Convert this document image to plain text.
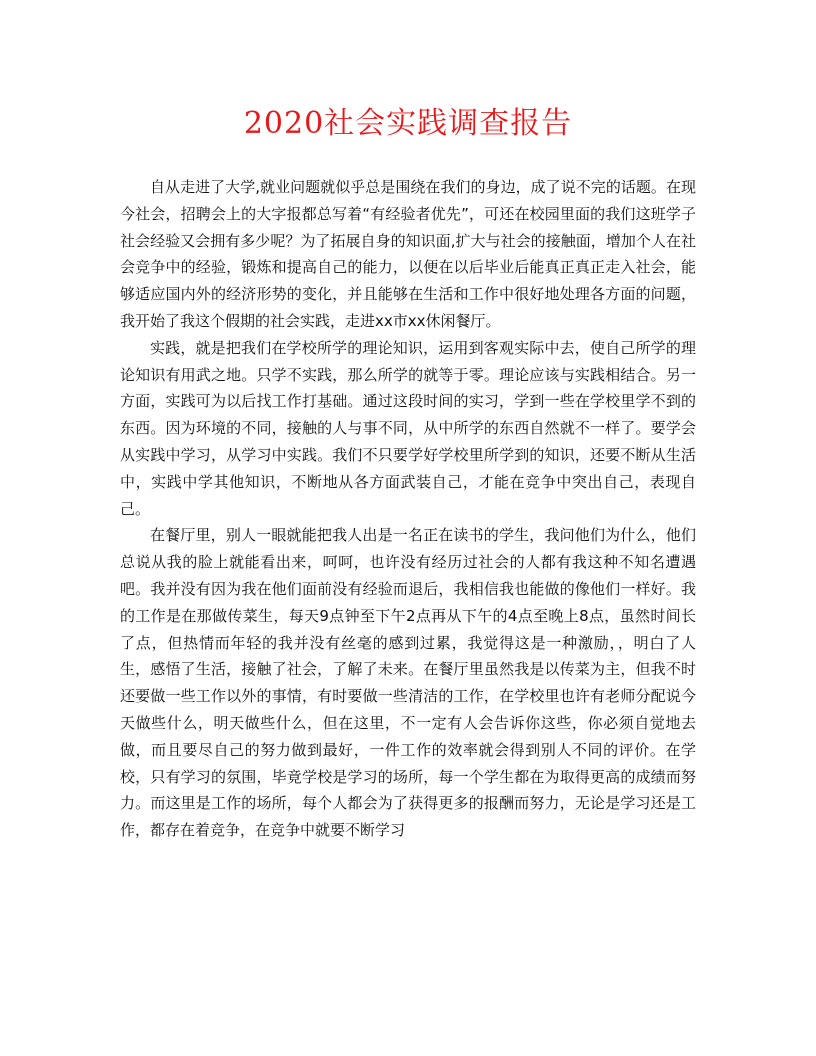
2020社会实践调查报告

自从走进了大学,就业问题就似乎总是围绕在我们的身边，成了说不完的话题。在现今社会，招聘会上的大字报都总写着“有经验者优先”，可还在校园里面的我们这班学子社会经验又会拥有多少呢？为了拓展自身的知识面,扩大与社会的接触面，增加个人在社会竞争中的经验，锻炼和提高自己的能力，以便在以后毕业后能真正真正走入社会，能够适应国内外的经济形势的变化，并且能够在生活和工作中很好地处理各方面的问题，我开始了我这个假期的社会实践，走进xx市xx休闲餐厅。

实践，就是把我们在学校所学的理论知识，运用到客观实际中去，使自己所学的理论知识有用武之地。只学不实践，那么所学的就等于零。理论应该与实践相结合。另一方面，实践可为以后找工作打基础。通过这段时间的实习，学到一些在学校里学不到的东西。因为环境的不同，接触的人与事不同，从中所学的东西自然就不一样了。要学会从实践中学习，从学习中实践。我们不只要学好学校里所学到的知识，还要不断从生活中，实践中学其他知识，不断地从各方面武装自己，才能在竞争中突出自己，表现自己。

在餐厅里，别人一眼就能把我人出是一名正在读书的学生，我问他们为什么，他们总说从我的脸上就能看出来，呵呵，也许没有经历过社会的人都有我这种不知名遭遇吧。我并没有因为我在他们面前没有经验而退后，我相信我也能做的像他们一样好。我的工作是在那做传菜生，每天9点钟至下午2点再从下午的4点至晚上8点，虽然时间长了点，但热情而年轻的我并没有丝毫的感到过累，我觉得这是一种激励，，明白了人生，感悟了生活，接触了社会，了解了未来。在餐厅里虽然我是以传菜为主，但我不时还要做一些工作以外的事情，有时要做一些清洁的工作，在学校里也许有老师分配说今天做些什么，明天做些什么，但在这里，不一定有人会告诉你这些，你必须自觉地去做，而且要尽自己的努力做到最好，一件工作的效率就会得到别人不同的评价。在学校，只有学习的氛围，毕竟学校是学习的场所，每一个学生都在为取得更高的成绩而努力。而这里是工作的场所，每个人都会为了获得更多的报酬而努力，无论是学习还是工作，都存在着竞争，在竞争中就要不断学习
